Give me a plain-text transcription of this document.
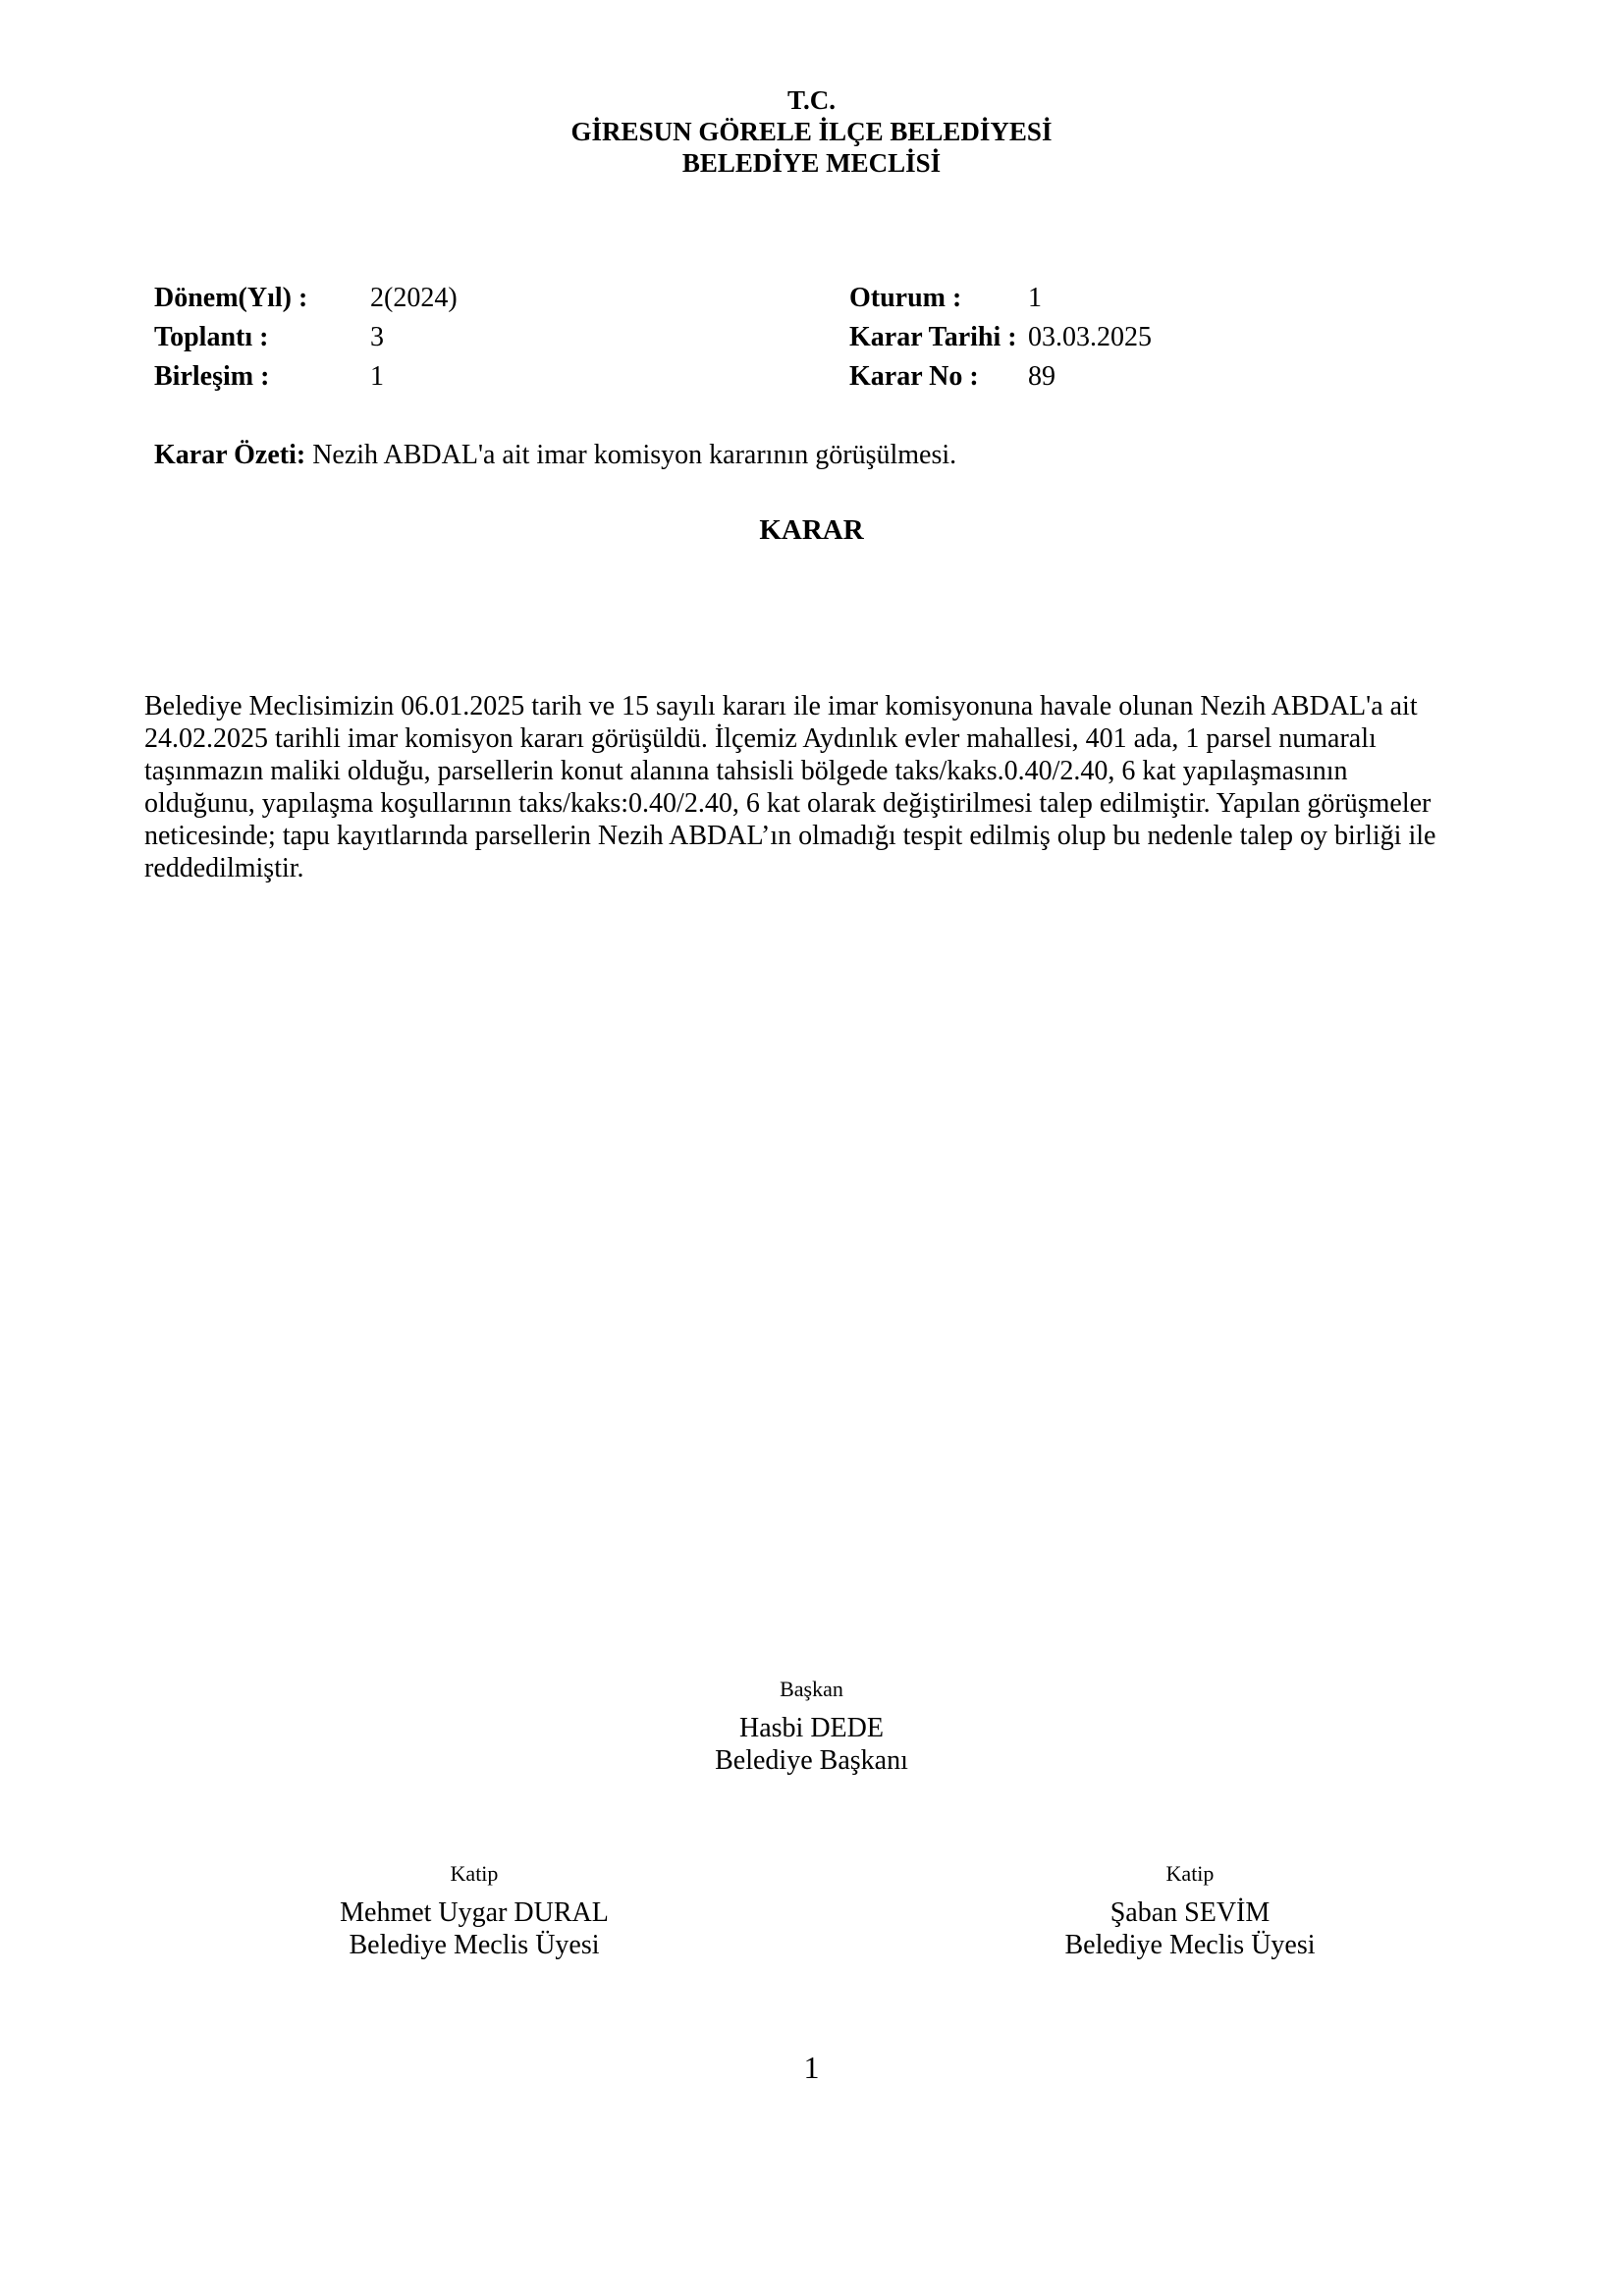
T.C.
GİRESUN GÖRELE İLÇE BELEDİYESİ
BELEDİYE MECLİSİ
Dönem(Yıl) : 2(2024)
Toplantı :	3
Birleşim :	1
Oturum : 1
Karar Tarihi : 03.03.2025
Karar No : 89
Karar Özeti: Nezih ABDAL'a ait imar komisyon kararının görüşülmesi.
KARAR
Belediye Meclisimizin 06.01.2025 tarih ve 15 sayılı kararı ile imar komisyonuna havale olunan Nezih ABDAL'a ait
24.02.2025 tarihli imar komisyon kararı görüşüldü. İlçemiz Aydınlık evler mahallesi, 401 ada, 1 parsel numaralı
taşınmazın maliki olduğu, parsellerin konut alanına tahsisli bölgede taks/kaks.0.40/2.40, 6 kat yapılaşmasının
olduğunu, yapılaşma koşullarının taks/kaks:0.40/2.40, 6 kat olarak değiştirilmesi talep edilmiştir. Yapılan görüşmeler
neticesinde; tapu kayıtlarında parsellerin Nezih ABDAL’ın olmadığı tespit edilmiş olup bu nedenle talep oy birliği ile
reddedilmiştir.
Başkan
Hasbi DEDE
Belediye Başkanı
Katip
Mehmet Uygar DURAL
Belediye Meclis Üyesi
Katip
Şaban SEVİM
Belediye Meclis Üyesi
1
